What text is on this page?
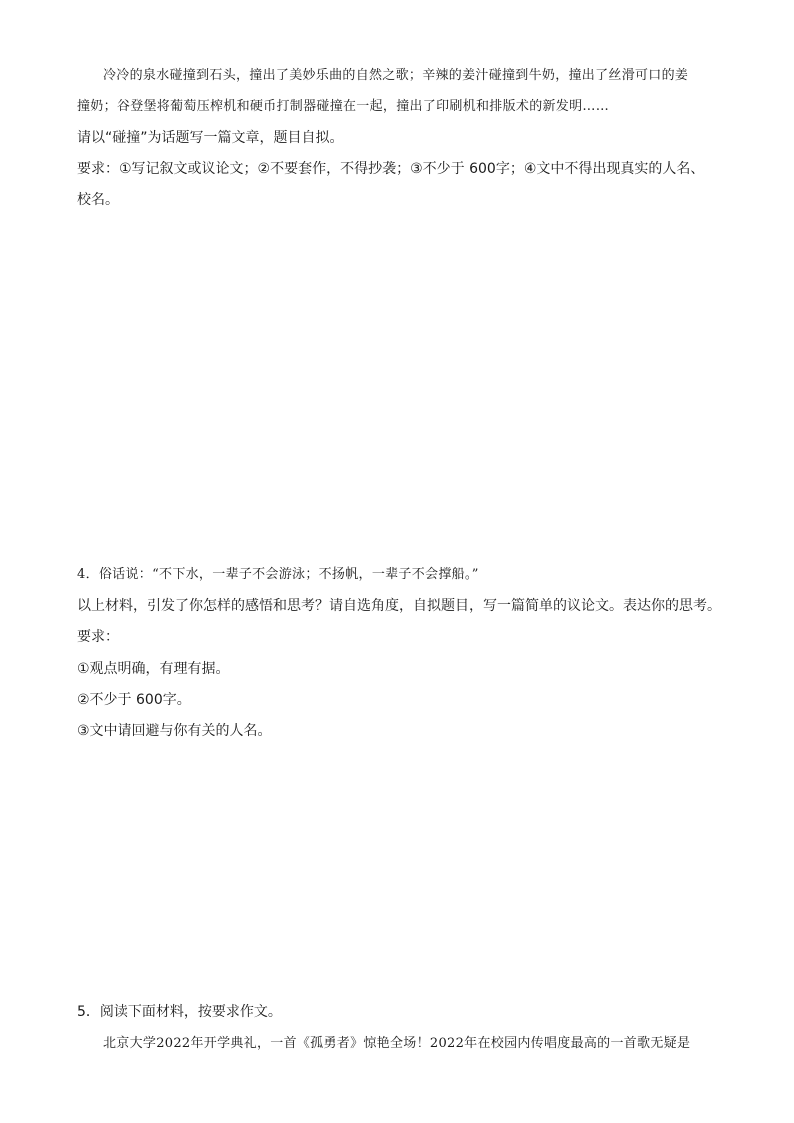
冷冷的泉水碰撞到石头，撞出了美妙乐曲的自然之歌；辛辣的姜汁碰撞到牛奶，撞出了丝滑可口的姜
撞奶；谷登堡将葡萄压榨机和硬币打制器碰撞在一起，撞出了印刷机和排版术的新发明……
请以“碰撞”为话题写一篇文章，题目自拟。
要求：①写记叙文或议论文；②不要套作，不得抄袭；③不少于 600字；④文中不得出现真实的人名、
校名。
4．俗话说：“不下水，一辈子不会游泳；不扬帆，一辈子不会撑船。”
以上材料，引发了你怎样的感悟和思考？请自选角度，自拟题目，写一篇简单的议论文。表达你的思考。
要求：
①观点明确，有理有据。
②不少于 600字。
③文中请回避与你有关的人名。
5．阅读下面材料，按要求作文。
北京大学2022年开学典礼，一首《孤勇者》惊艳全场！2022年在校园内传唱度最高的一首歌无疑是
